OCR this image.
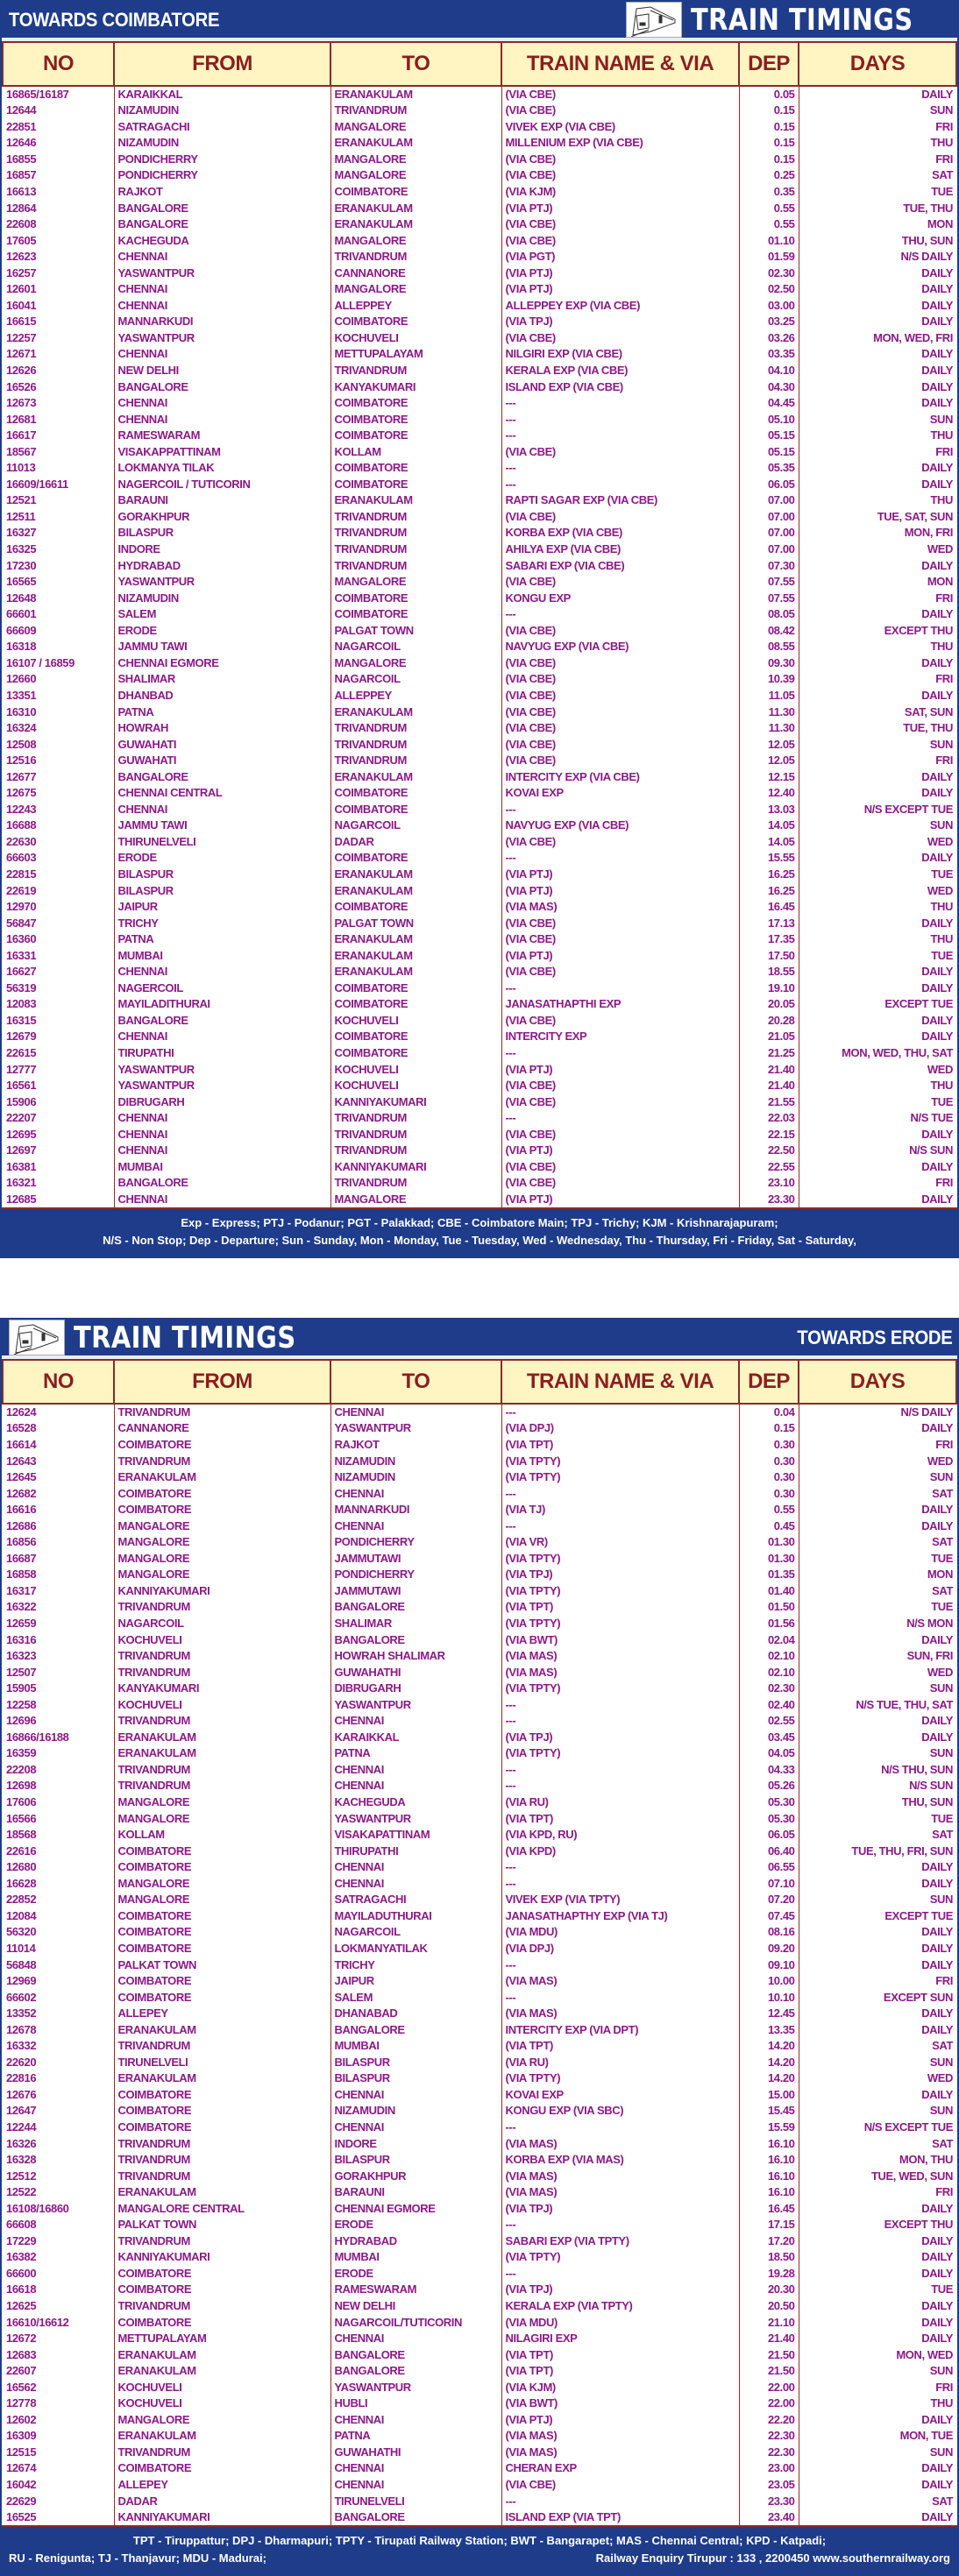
TOWARDS COIMBATORE	TRAIN TIMINGS
NO	FROM	TO	TRAIN NAME & VIA	DEP	DAYS
16865/16187	KARAIKKAL	ERANAKULAM	(VIA CBE)	0.05	DAILY
12644	NIZAMUDIN	TRIVANDRUM	(VIA CBE)	0.15	SUN
22851	SATRAGACHI	MANGALORE	VIVEK EXP (VIA CBE)	0.15	FRI
12646	NIZAMUDIN	ERANAKULAM	MILLENIUM EXP (VIA CBE)	0.15	THU
16855	PONDICHERRY	MANGALORE	(VIA CBE)	0.15	FRI
16857	PONDICHERRY	MANGALORE	(VIA CBE)	0.25	SAT
16613	RAJKOT	COIMBATORE	(VIA KJM)	0.35	TUE
12864	BANGALORE	ERANAKULAM	(VIA PTJ)	0.55	TUE, THU
22608	BANGALORE	ERANAKULAM	(VIA CBE)	0.55	MON
17605	KACHEGUDA	MANGALORE	(VIA CBE)	01.10	THU, SUN
12623	CHENNAI	TRIVANDRUM	(VIA PGT)	01.59	N/S DAILY
16257	YASWANTPUR	CANNANORE	(VIA PTJ)	02.30	DAILY
12601	CHENNAI	MANGALORE	(VIA PTJ)	02.50	DAILY
16041	CHENNAI	ALLEPPEY	ALLEPPEY EXP (VIA CBE)	03.00	DAILY
16615	MANNARKUDI	COIMBATORE	(VIA TPJ)	03.25	DAILY
12257	YASWANTPUR	KOCHUVELI	(VIA CBE)	03.26	MON, WED, FRI
12671	CHENNAI	METTUPALAYAM	NILGIRI EXP (VIA CBE)	03.35	DAILY
12626	NEW DELHI	TRIVANDRUM	KERALA EXP (VIA CBE)	04.10	DAILY
16526	BANGALORE	KANYAKUMARI	ISLAND EXP (VIA CBE)	04.30	DAILY
12673	CHENNAI	COIMBATORE	---	04.45	DAILY
12681	CHENNAI	COIMBATORE	---	05.10	SUN
16617	RAMESWARAM	COIMBATORE	---	05.15	THU
18567	VISAKAPPATTINAM	KOLLAM	(VIA CBE)	05.15	FRI
11013	LOKMANYA TILAK	COIMBATORE	---	05.35	DAILY
16609/16611	NAGERCOIL / TUTICORIN	COIMBATORE	---	06.05	DAILY
12521	BARAUNI	ERANAKULAM	RAPTI SAGAR EXP (VIA CBE)	07.00	THU
12511	GORAKHPUR	TRIVANDRUM	(VIA CBE)	07.00	TUE, SAT, SUN
16327	BILASPUR	TRIVANDRUM	KORBA EXP (VIA CBE)	07.00	MON, FRI
16325	INDORE	TRIVANDRUM	AHILYA EXP (VIA CBE)	07.00	WED
17230	HYDRABAD	TRIVANDRUM	SABARI EXP (VIA CBE)	07.30	DAILY
16565	YASWANTPUR	MANGALORE	(VIA CBE)	07.55	MON
12648	NIZAMUDIN	COIMBATORE	KONGU EXP	07.55	FRI
66601	SALEM	COIMBATORE	---	08.05	DAILY
66609	ERODE	PALGAT TOWN	(VIA CBE)	08.42	EXCEPT THU
16318	JAMMU TAWI	NAGARCOIL	NAVYUG EXP (VIA CBE)	08.55	THU
16107 / 16859	CHENNAI EGMORE	MANGALORE	(VIA CBE)	09.30	DAILY
12660	SHALIMAR	NAGARCOIL	(VIA CBE)	10.39	FRI
13351	DHANBAD	ALLEPPEY	(VIA CBE)	11.05	DAILY
16310	PATNA	ERANAKULAM	(VIA CBE)	11.30	SAT, SUN
16324	HOWRAH	TRIVANDRUM	(VIA CBE)	11.30	TUE, THU
12508	GUWAHATI	TRIVANDRUM	(VIA CBE)	12.05	SUN
12516	GUWAHATI	TRIVANDRUM	(VIA CBE)	12.05	FRI
12677	BANGALORE	ERANAKULAM	INTERCITY EXP (VIA CBE)	12.15	DAILY
12675	CHENNAI CENTRAL	COIMBATORE	KOVAI EXP	12.40	DAILY
12243	CHENNAI	COIMBATORE	---	13.03	N/S EXCEPT TUE
16688	JAMMU TAWI	NAGARCOIL	NAVYUG EXP (VIA CBE)	14.05	SUN
22630	THIRUNELVELI	DADAR	(VIA CBE)	14.05	WED
66603	ERODE	COIMBATORE	---	15.55	DAILY
22815	BILASPUR	ERANAKULAM	(VIA PTJ)	16.25	TUE
22619	BILASPUR	ERANAKULAM	(VIA PTJ)	16.25	WED
12970	JAIPUR	COIMBATORE	(VIA MAS)	16.45	THU
56847	TRICHY	PALGAT TOWN	(VIA CBE)	17.13	DAILY
16360	PATNA	ERANAKULAM	(VIA CBE)	17.35	THU
16331	MUMBAI	ERANAKULAM	(VIA PTJ)	17.50	TUE
16627	CHENNAI	ERANAKULAM	(VIA CBE)	18.55	DAILY
56319	NAGERCOIL	COIMBATORE	---	19.10	DAILY
12083	MAYILADITHURAI	COIMBATORE	JANASATHAPTHI EXP	20.05	EXCEPT TUE
16315	BANGALORE	KOCHUVELI	(VIA CBE)	20.28	DAILY
12679	CHENNAI	COIMBATORE	INTERCITY EXP	21.05	DAILY
22615	TIRUPATHI	COIMBATORE	---	21.25	MON, WED, THU, SAT
12777	YASWANTPUR	KOCHUVELI	(VIA PTJ)	21.40	WED
16561	YASWANTPUR	KOCHUVELI	(VIA CBE)	21.40	THU
15906	DIBRUGARH	KANNIYAKUMARI	(VIA CBE)	21.55	TUE
22207	CHENNAI	TRIVANDRUM	---	22.03	N/S TUE
12695	CHENNAI	TRIVANDRUM	(VIA CBE)	22.15	DAILY
12697	CHENNAI	TRIVANDRUM	(VIA PTJ)	22.50	N/S SUN
16381	MUMBAI	KANNIYAKUMARI	(VIA CBE)	22.55	DAILY
16321	BANGALORE	TRIVANDRUM	(VIA CBE)	23.10	FRI
12685	CHENNAI	MANGALORE	(VIA PTJ)	23.30	DAILY
Exp - Express; PTJ - Podanur; PGT - Palakkad; CBE - Coimbatore Main; TPJ - Trichy; KJM - Krishnarajapuram;
N/S - Non Stop; Dep - Departure; Sun - Sunday, Mon - Monday, Tue - Tuesday, Wed - Wednesday, Thu - Thursday, Fri - Friday, Sat - Saturday,
TRAIN TIMINGS	TOWARDS ERODE
NO	FROM	TO	TRAIN NAME & VIA	DEP	DAYS
12624	TRIVANDRUM	CHENNAI	---	0.04	N/S DAILY
16528	CANNANORE	YASWANTPUR	(VIA DPJ)	0.15	DAILY
16614	COIMBATORE	RAJKOT	(VIA TPT)	0.30	FRI
12643	TRIVANDRUM	NIZAMUDIN	(VIA TPTY)	0.30	WED
12645	ERANAKULAM	NIZAMUDIN	(VIA TPTY)	0.30	SUN
12682	COIMBATORE	CHENNAI	---	0.30	SAT
16616	COIMBATORE	MANNARKUDI	(VIA TJ)	0.55	DAILY
12686	MANGALORE	CHENNAI	---	0.45	DAILY
16856	MANGALORE	PONDICHERRY	(VIA VR)	01.30	SAT
16687	MANGALORE	JAMMUTAWI	(VIA TPTY)	01.30	TUE
16858	MANGALORE	PONDICHERRY	(VIA TPJ)	01.35	MON
16317	KANNIYAKUMARI	JAMMUTAWI	(VIA TPTY)	01.40	SAT
16322	TRIVANDRUM	BANGALORE	(VIA TPT)	01.50	TUE
12659	NAGARCOIL	SHALIMAR	(VIA TPTY)	01.56	N/S MON
16316	KOCHUVELI	BANGALORE	(VIA BWT)	02.04	DAILY
16323	TRIVANDRUM	HOWRAH SHALIMAR	(VIA MAS)	02.10	SUN, FRI
12507	TRIVANDRUM	GUWAHATHI	(VIA MAS)	02.10	WED
15905	KANYAKUMARI	DIBRUGARH	(VIA TPTY)	02.30	SUN
12258	KOCHUVELI	YASWANTPUR	---	02.40	N/S TUE, THU, SAT
12696	TRIVANDRUM	CHENNAI	---	02.55	DAILY
16866/16188	ERANAKULAM	KARAIKKAL	(VIA TPJ)	03.45	DAILY
16359	ERANAKULAM	PATNA	(VIA TPTY)	04.05	SUN
22208	TRIVANDRUM	CHENNAI	---	04.33	N/S THU, SUN
12698	TRIVANDRUM	CHENNAI	---	05.26	N/S SUN
17606	MANGALORE	KACHEGUDA	(VIA RU)	05.30	THU, SUN
16566	MANGALORE	YASWANTPUR	(VIA TPT)	05.30	TUE
18568	KOLLAM	VISAKAPATTINAM	(VIA KPD, RU)	06.05	SAT
22616	COIMBATORE	THIRUPATHI	(VIA KPD)	06.40	TUE, THU, FRI, SUN
12680	COIMBATORE	CHENNAI	---	06.55	DAILY
16628	MANGALORE	CHENNAI	---	07.10	DAILY
22852	MANGALORE	SATRAGACHI	VIVEK EXP (VIA TPTY)	07.20	SUN
12084	COIMBATORE	MAYILADUTHURAI	JANASATHAPTHY EXP (VIA TJ)	07.45	EXCEPT TUE
56320	COIMBATORE	NAGARCOIL	(VIA MDU)	08.16	DAILY
11014	COIMBATORE	LOKMANYATILAK	(VIA DPJ)	09.20	DAILY
56848	PALKAT TOWN	TRICHY	---	09.10	DAILY
12969	COIMBATORE	JAIPUR	(VIA MAS)	10.00	FRI
66602	COIMBATORE	SALEM	---	10.10	EXCEPT SUN
13352	ALLEPEY	DHANABAD	(VIA MAS)	12.45	DAILY
12678	ERANAKULAM	BANGALORE	INTERCITY EXP (VIA DPT)	13.35	DAILY
16332	TRIVANDRUM	MUMBAI	(VIA TPT)	14.20	SAT
22620	TIRUNELVELI	BILASPUR	(VIA RU)	14.20	SUN
22816	ERANAKULAM	BILASPUR	(VIA TPTY)	14.20	WED
12676	COIMBATORE	CHENNAI	KOVAI EXP	15.00	DAILY
12647	COIMBATORE	NIZAMUDIN	KONGU EXP (VIA SBC)	15.45	SUN
12244	COIMBATORE	CHENNAI	---	15.59	N/S EXCEPT TUE
16326	TRIVANDRUM	INDORE	(VIA MAS)	16.10	SAT
16328	TRIVANDRUM	BILASPUR	KORBA EXP (VIA MAS)	16.10	MON, THU
12512	TRIVANDRUM	GORAKHPUR	(VIA MAS)	16.10	TUE, WED, SUN
12522	ERANAKULAM	BARAUNI	(VIA MAS)	16.10	FRI
16108/16860	MANGALORE CENTRAL	CHENNAI EGMORE	(VIA TPJ)	16.45	DAILY
66608	PALKAT TOWN	ERODE	---	17.15	EXCEPT THU
17229	TRIVANDRUM	HYDRABAD	SABARI EXP (VIA TPTY)	17.20	DAILY
16382	KANNIYAKUMARI	MUMBAI	(VIA TPTY)	18.50	DAILY
66600	COIMBATORE	ERODE	---	19.28	DAILY
16618	COIMBATORE	RAMESWARAM	(VIA TPJ)	20.30	TUE
12625	TRIVANDRUM	NEW DELHI	KERALA EXP (VIA TPTY)	20.50	DAILY
16610/16612	COIMBATORE	NAGARCOIL/TUTICORIN	(VIA MDU)	21.10	DAILY
12672	METTUPALAYAM	CHENNAI	NILAGIRI EXP	21.40	DAILY
12683	ERANAKULAM	BANGALORE	(VIA TPT)	21.50	MON, WED
22607	ERANAKULAM	BANGALORE	(VIA TPT)	21.50	SUN
16562	KOCHUVELI	YASWANTPUR	(VIA KJM)	22.00	FRI
12778	KOCHUVELI	HUBLI	(VIA BWT)	22.00	THU
12602	MANGALORE	CHENNAI	(VIA PTJ)	22.20	DAILY
16309	ERANAKULAM	PATNA	(VIA MAS)	22.30	MON, TUE
12515	TRIVANDRUM	GUWAHATHI	(VIA MAS)	22.30	SUN
12674	COIMBATORE	CHENNAI	CHERAN EXP	23.00	DAILY
16042	ALLEPEY	CHENNAI	(VIA CBE)	23.05	DAILY
22629	DADAR	TIRUNELVELI	---	23.30	SAT
16525	KANNIYAKUMARI	BANGALORE	ISLAND EXP (VIA TPT)	23.40	DAILY
TPT - Tiruppattur; DPJ - Dharmapuri; TPTY - Tirupati Railway Station; BWT - Bangarapet; MAS - Chennai Central; KPD - Katpadi;
RU - Renigunta; TJ - Thanjavur; MDU - Madurai;	Railway Enquiry Tirupur : 133 , 2200450 www.southernrailway.org
